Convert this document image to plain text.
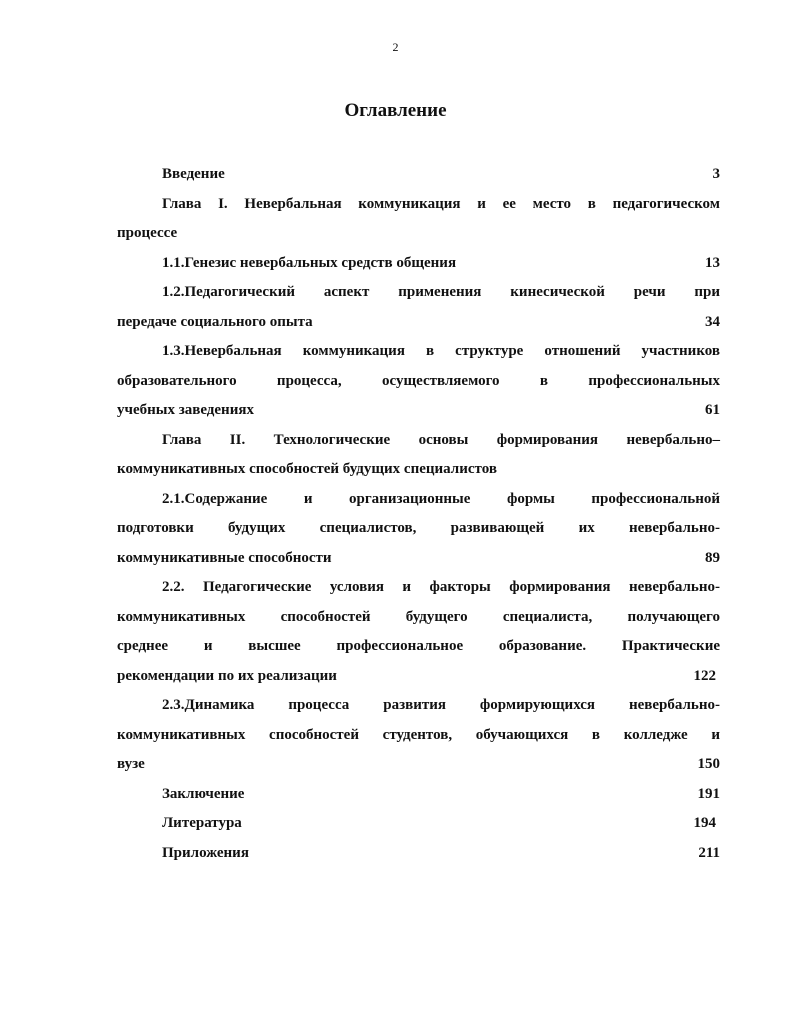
2
Оглавление
Введение	3
Глава I. Невербальная коммуникация и ее место в педагогическом
процессе
1.1.Генезис невербальных средств общения	13
1.2.Педагогический аспект применения кинесической речи при
передаче социального опыта	34
1.3.Невербальная коммуникация в структуре отношений участников
образовательного процесса, осуществляемого в профессиональных
учебных заведениях	61
Глава II. Технологические основы формирования невербально–
коммуникативных способностей будущих специалистов
2.1.Содержание и организационные формы профессиональной
подготовки будущих специалистов, развивающей их невербально-
коммуникативные способности	89
2.2. Педагогические условия и факторы формирования невербально-
коммуникативных способностей будущего специалиста, получающего
среднее и высшее профессиональное образование. Практические
рекомендации по их реализации	122
2.3.Динамика процесса развития формирующихся невербально-
коммуникативных способностей студентов, обучающихся в колледже и
вузе	150
Заключение	191
Литература	194
Приложения	211
